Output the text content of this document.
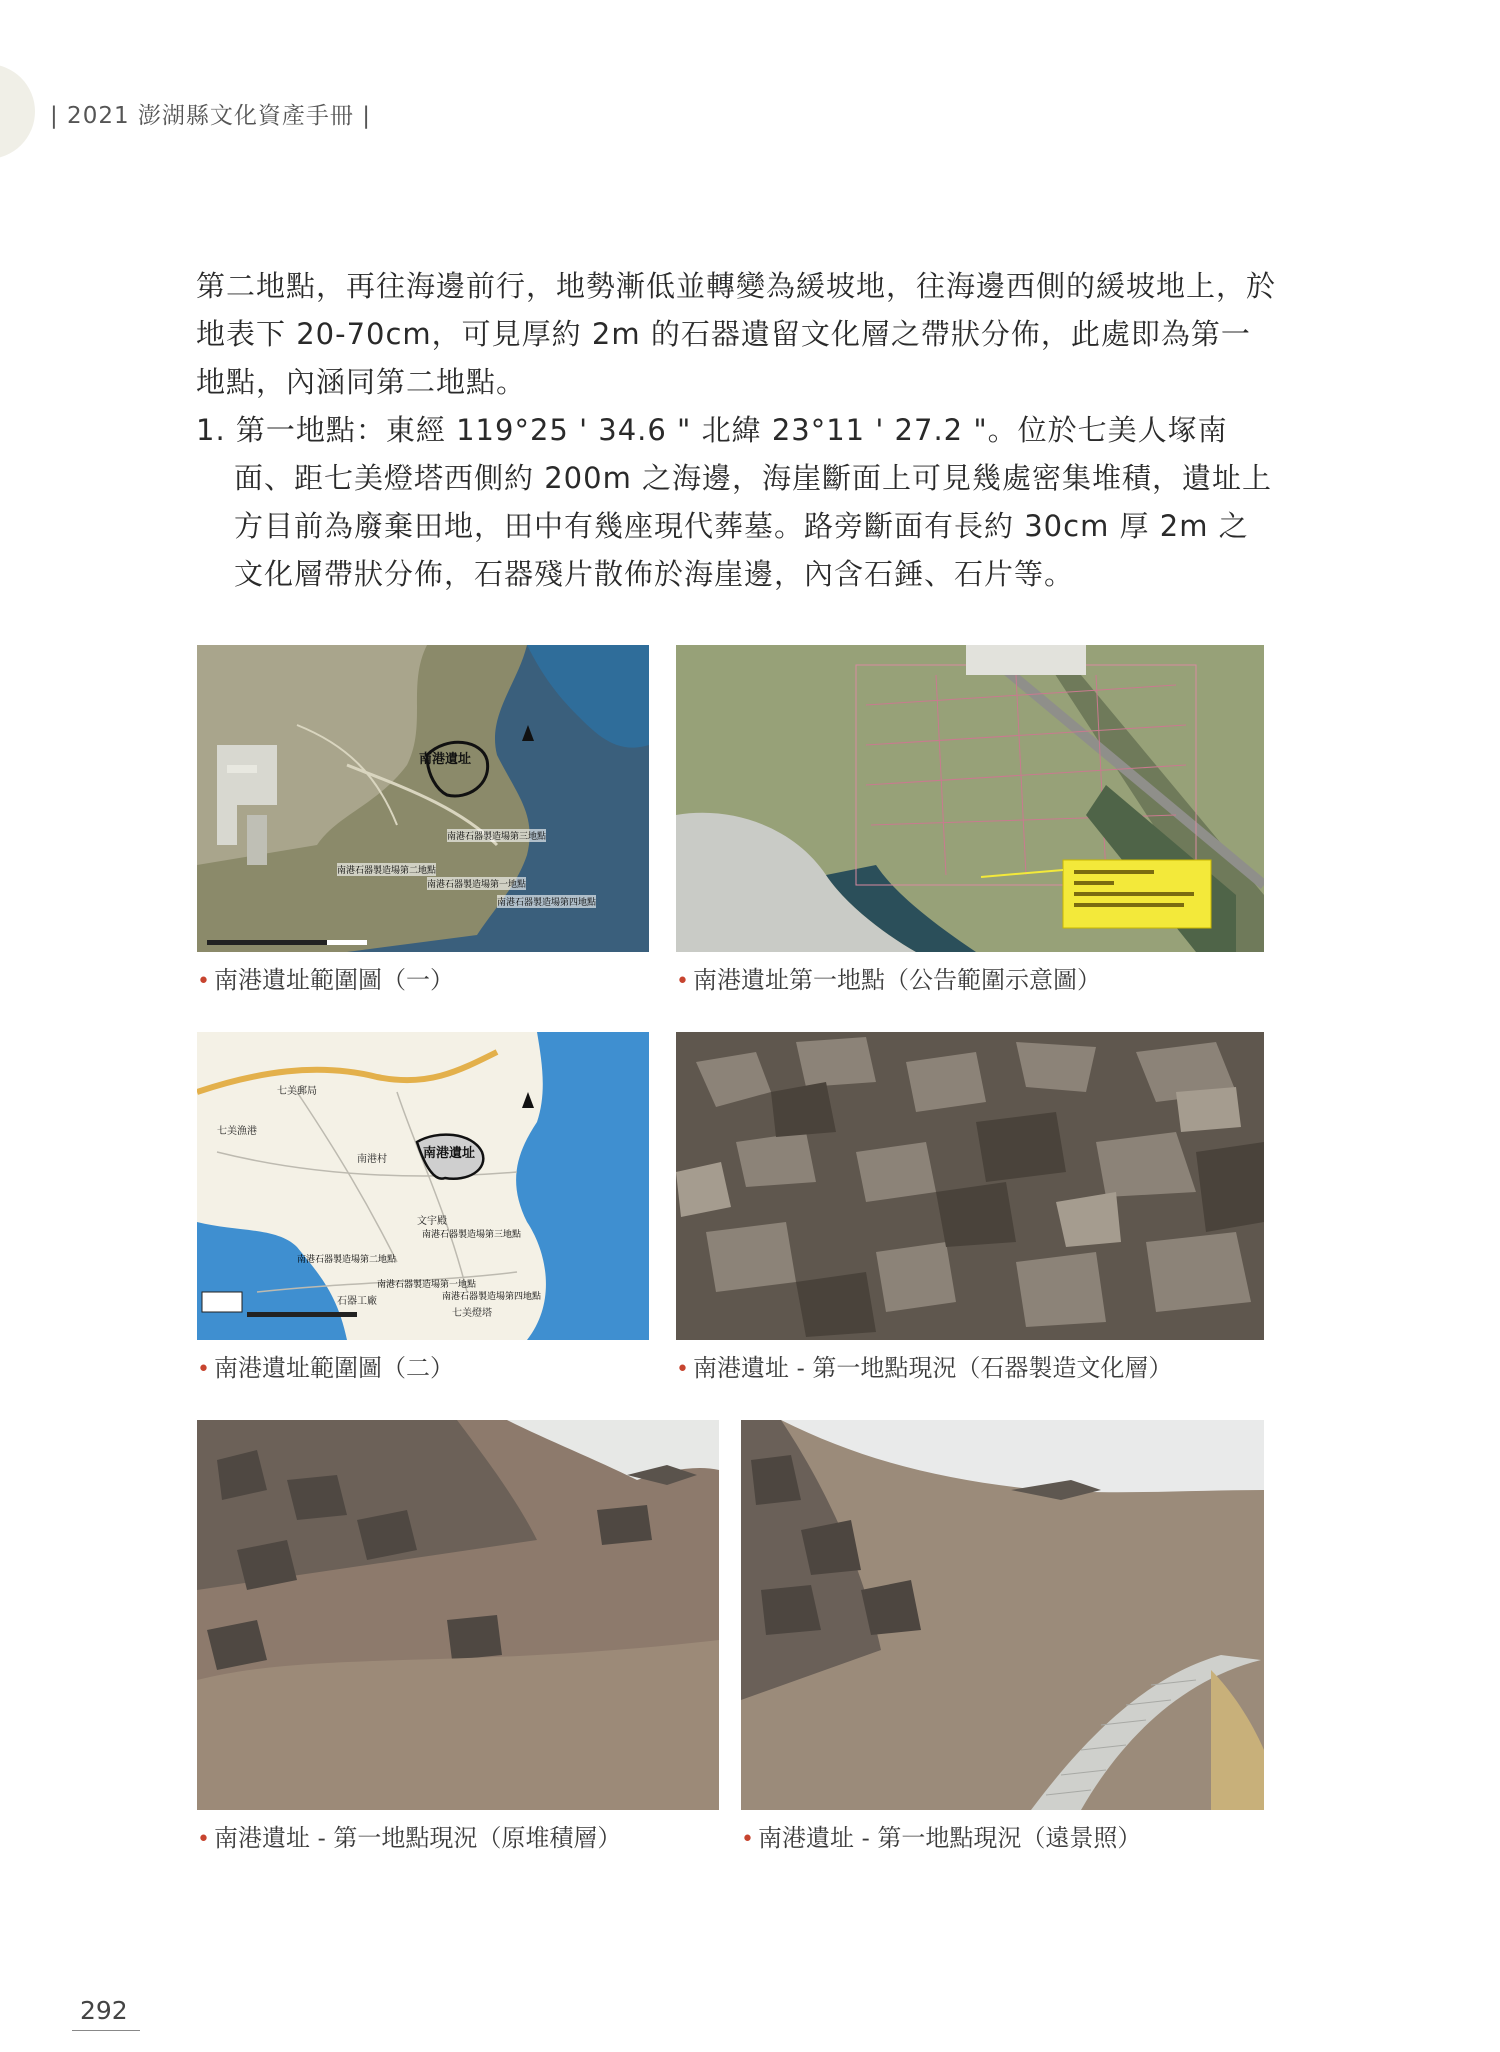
| 2021 澎湖縣文化資產手冊 |

第二地點，再往海邊前行，地勢漸低並轉變為緩坡地，往海邊西側的緩坡地上，於地表下 20-70cm，可見厚約 2m 的石器遺留文化層之帶狀分佈，此處即為第一地點，內涵同第二地點。

1. 第一地點：東經 119°25 ' 34.6 " 北緯 23°11 ' 27.2 "。位於七美人塚南面、距七美燈塔西側約 200m 之海邊，海崖斷面上可見幾處密集堆積，遺址上方目前為廢棄田地，田中有幾座現代葬墓。路旁斷面有長約 30cm 厚 2m 之文化層帶狀分佈，石器殘片散佈於海崖邊，內含石錘、石片等。

南港遺址
南港石器製造場第二地點
南港石器製造場第一地點
南港石器製造場第三地點
南港石器製造場第四地點
• 南港遺址範圍圖（一）	• 南港遺址第一地點（公告範圍示意圖）
南港遺址
七美郵局
七美漁港
南港村
文宇殿
南港石器製造場第三地點
南港石器製造場第二地點
南港石器製造場第一地點
南港石器製造場第四地點
石器工廠
七美燈塔
• 南港遺址範圍圖（二）	• 南港遺址 - 第一地點現況（石器製造文化層）
• 南港遺址 - 第一地點現況（原堆積層）	• 南港遺址 - 第一地點現況（遠景照）
292
